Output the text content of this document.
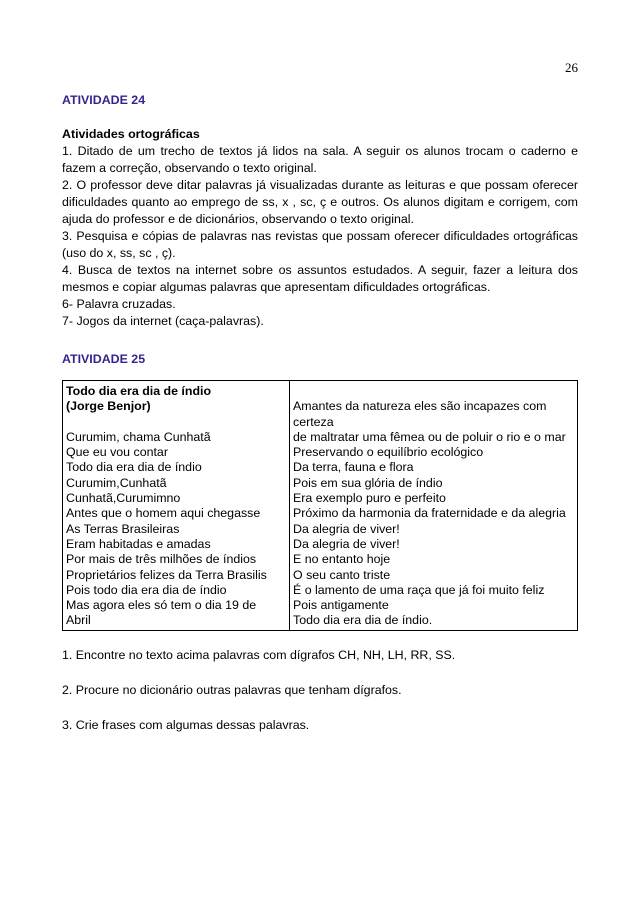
26
ATIVIDADE 24
Atividades ortográficas

1. Ditado de um trecho de textos já lidos na sala. A seguir os alunos trocam o caderno e fazem a correção, observando o texto original.

2. O professor deve ditar palavras já visualizadas durante as leituras e que possam oferecer dificuldades quanto ao emprego de ss, x , sc, ç e outros. Os alunos digitam e corrigem, com ajuda do professor e de dicionários, observando o texto original.

3. Pesquisa e cópias de palavras nas revistas que possam oferecer dificuldades ortográficas (uso do x, ss, sc , ç).

4. Busca de textos na internet sobre os assuntos estudados. A seguir, fazer a leitura dos mesmos e copiar algumas palavras que apresentam dificuldades ortográficas.

6- Palavra cruzadas.

7- Jogos da internet (caça-palavras).

ATIVIDADE 25
Todo dia era dia de índio
(Jorge Benjor)

Curumim, chama Cunhatã
Que eu vou contar
Todo dia era dia de índio
Curumim,Cunhatã
Cunhatã,Curumimno
Antes que o homem aqui chegasse
As Terras Brasileiras
Eram habitadas e amadas
Por mais de três milhões de índios
Proprietários felizes da Terra Brasilis
Pois todo dia era dia de índio
Mas agora eles só tem o dia 19 de
Abril

Amantes da natureza eles são incapazes com
certeza
de maltratar uma fêmea ou de poluir o rio e o mar
Preservando o equilíbrio ecológico
Da terra, fauna e flora
Pois em sua glória de índio
Era exemplo puro e perfeito
Próximo da harmonia da fraternidade e da alegria
Da alegria de viver!
Da alegria de viver!
E no entanto hoje
O seu canto triste
É o lamento de uma raça que já foi muito feliz
Pois antigamente
Todo dia era dia de índio.

1. Encontre no texto acima palavras com dígrafos CH, NH, LH, RR, SS.

2. Procure no dicionário outras palavras que tenham dígrafos.

3. Crie frases com algumas dessas palavras.
